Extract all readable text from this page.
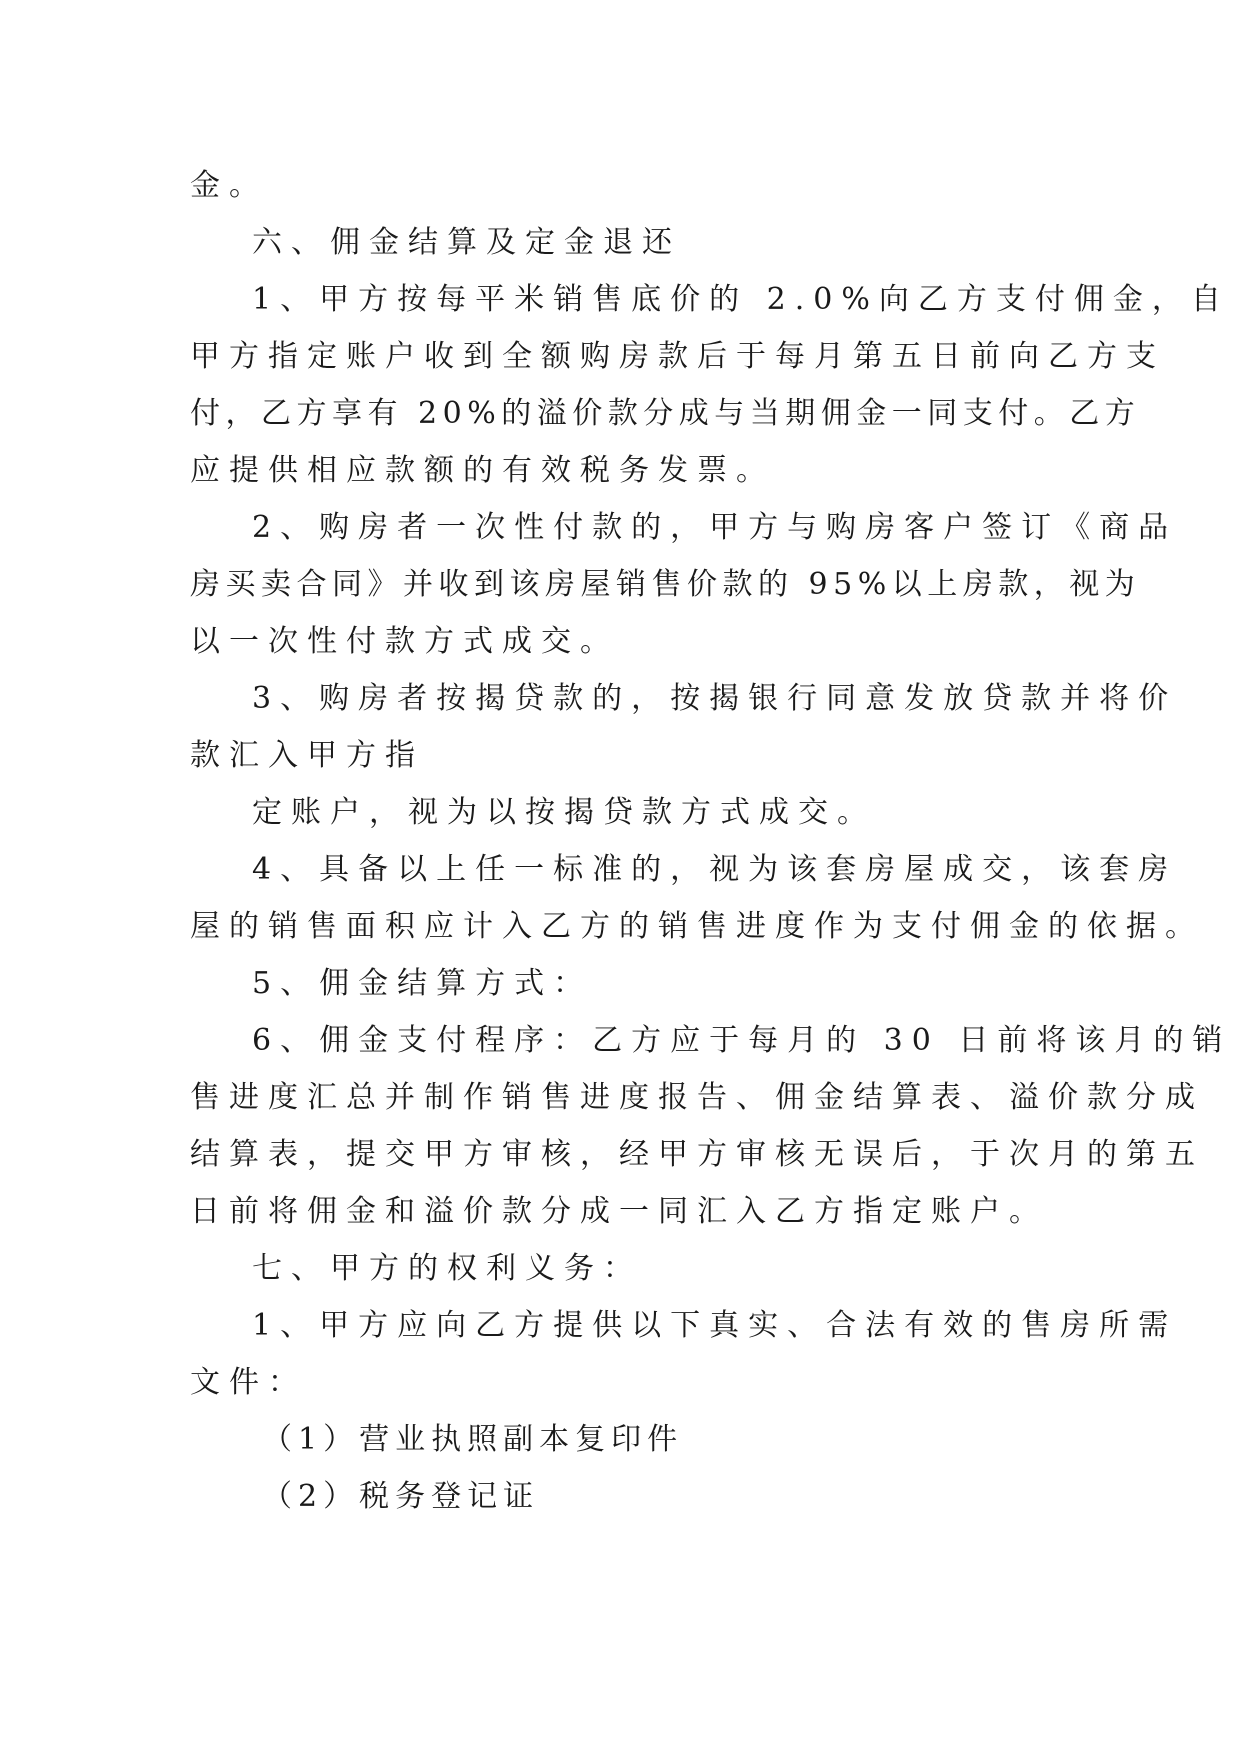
金。
六、佣金结算及定金退还
1、甲方按每平米销售底价的 2.0%向乙方支付佣金，自
甲方指定账户收到全额购房款后于每月第五日前向乙方支
付，乙方享有 20%的溢价款分成与当期佣金一同支付。乙方
应提供相应款额的有效税务发票。
2、购房者一次性付款的，甲方与购房客户签订《商品
房买卖合同》并收到该房屋销售价款的 95%以上房款，视为
以一次性付款方式成交。
3、购房者按揭贷款的，按揭银行同意发放贷款并将价
款汇入甲方指
定账户，视为以按揭贷款方式成交。
4、具备以上任一标准的，视为该套房屋成交，该套房
屋的销售面积应计入乙方的销售进度作为支付佣金的依据。
5、佣金结算方式：
6、佣金支付程序：乙方应于每月的 30 日前将该月的销
售进度汇总并制作销售进度报告、佣金结算表、溢价款分成
结算表，提交甲方审核，经甲方审核无误后，于次月的第五
日前将佣金和溢价款分成一同汇入乙方指定账户。
七、甲方的权利义务：
1、甲方应向乙方提供以下真实、合法有效的售房所需
文件：
（1）营业执照副本复印件
（2）税务登记证
